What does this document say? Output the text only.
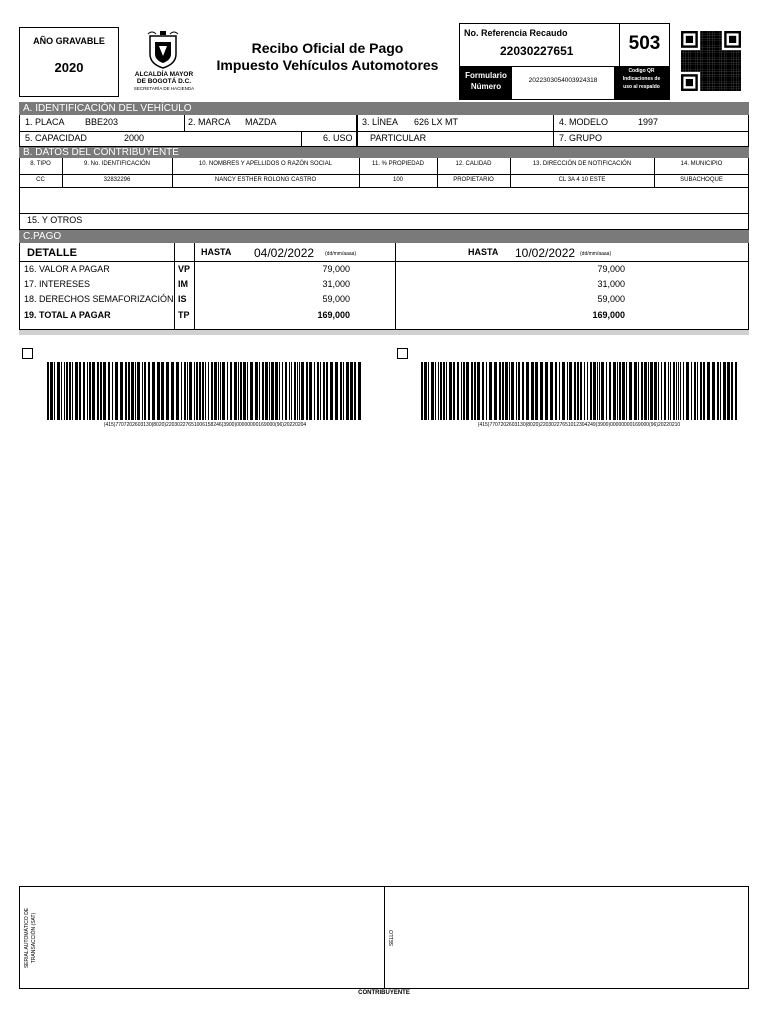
AÑO GRAVABLE
2020	ALCALDÍA MAYOR
DE BOGOTÁ D.C.
SECRETARÍA DE HACIENDA
Recibo Oficial de Pago
Impuesto Vehículos Automotores
No. Referencia Recaudo
22030227651	503
Formulario
Número
2022303054003924318
Codigo QR
Indicaciones de
uso al respaldo
A. IDENTIFICACIÓN DEL VEHÍCULO
1. PLACA BBE203	2. MARCA MAZDA	3. LÍNEA 626 LX MT	4. MODELO	1997
5. CAPACIDAD	2000	6. USO PARTICULAR	7. GRUPO
B. DATOS DEL CONTRIBUYENTE
8. TIPO	9. No. IDENTIFICACIÓN	10. NOMBRES Y APELLIDOS O RAZÓN SOCIAL	11. % PROPIEDAD	12. CALIDAD	13. DIRECCIÓN DE NOTIFICACIÓN	14. MUNICIPIO
CC	32832296	NANCY ESTHER ROLONG CASTRO	100	PROPIETARIO	CL 3A 4 10 ESTE	SUBACHOQUE
15. Y OTROS
C.PAGO
DETALLE	HASTA 04/02/2022 (dd/mm/aaaa)	HASTA 10/02/2022 (dd/mm/aaaa)
16. VALOR A PAGAR	VP	79,000	79,000
17. INTERESES	IM	31,000	31,000
18. DERECHOS SEMAFORIZACIÓN IS	59,000	59,000
19. TOTAL A PAGAR	TP	169,000	169,000
(415)7707202603130(8020)22030227651006158246(3900)00000000169000(96)20220204	(415)7707202603130(8020)22030227651012304249(3900)00000000169000(96)20220210
SERIAL AUTOMÁTICO DE TRANSACCIÓN (SAT)	SELLO
CONTRIBUYENTE
